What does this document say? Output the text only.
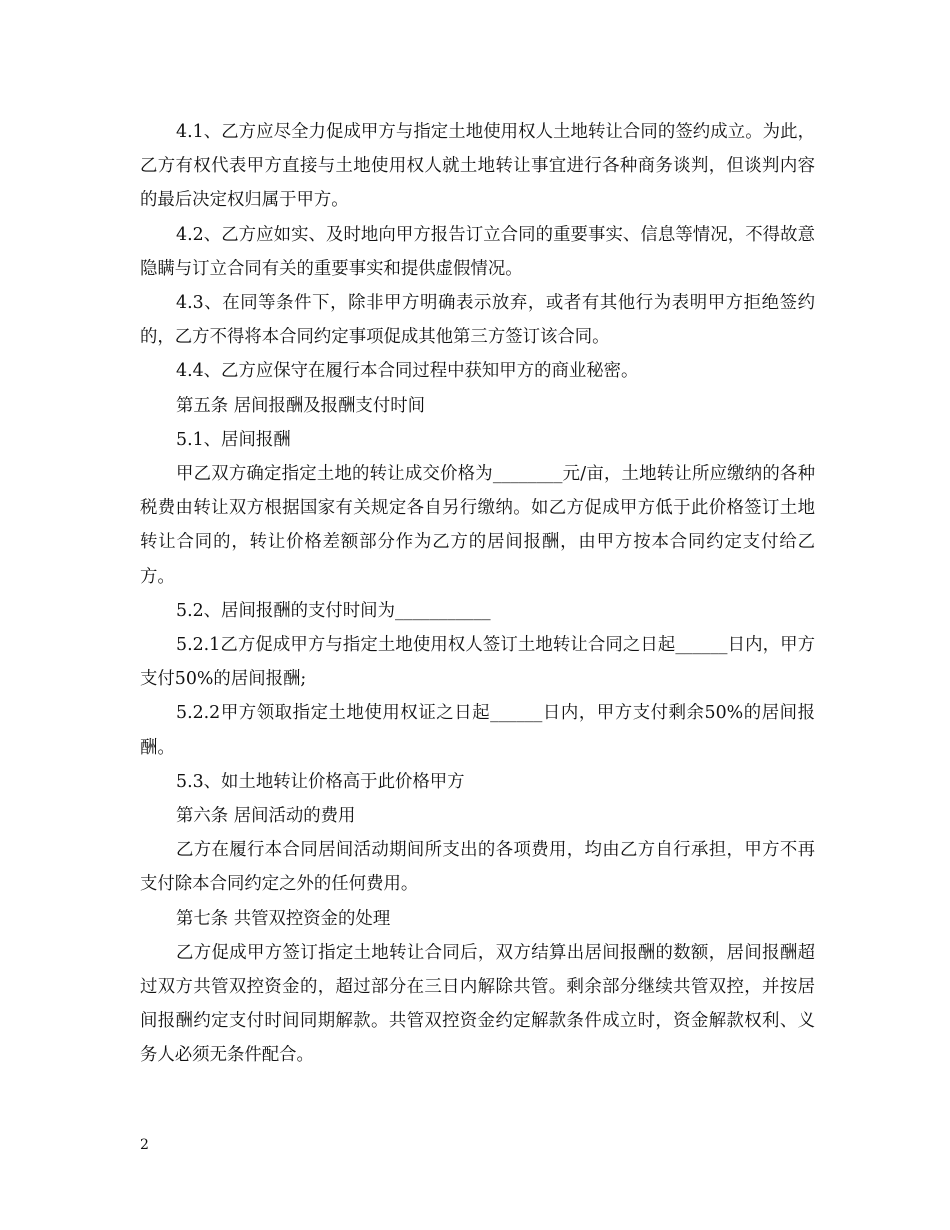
4.1、乙方应尽全力促成甲方与指定土地使用权人土地转让合同的签约成立。为此，乙方有权代表甲方直接与土地使用权人就土地转让事宜进行各种商务谈判，但谈判内容的最后决定权归属于甲方。

4.2、乙方应如实、及时地向甲方报告订立合同的重要事实、信息等情况，不得故意隐瞒与订立合同有关的重要事实和提供虚假情况。

4.3、在同等条件下，除非甲方明确表示放弃，或者有其他行为表明甲方拒绝签约的，乙方不得将本合同约定事项促成其他第三方签订该合同。

4.4、乙方应保守在履行本合同过程中获知甲方的商业秘密。

第五条 居间报酬及报酬支付时间

5.1、居间报酬

甲乙双方确定指定土地的转让成交价格为________元/亩，土地转让所应缴纳的各种税费由转让双方根据国家有关规定各自另行缴纳。如乙方促成甲方低于此价格签订土地转让合同的，转让价格差额部分作为乙方的居间报酬，由甲方按本合同约定支付给乙方。

5.2、居间报酬的支付时间为___________

5.2.1乙方促成甲方与指定土地使用权人签订土地转让合同之日起______日内，甲方支付50%的居间报酬;

5.2.2甲方领取指定土地使用权证之日起______日内，甲方支付剩余50%的居间报酬。

5.3、如土地转让价格高于此价格甲方

第六条 居间活动的费用

乙方在履行本合同居间活动期间所支出的各项费用，均由乙方自行承担，甲方不再支付除本合同约定之外的任何费用。

第七条 共管双控资金的处理

乙方促成甲方签订指定土地转让合同后，双方结算出居间报酬的数额，居间报酬超过双方共管双控资金的，超过部分在三日内解除共管。剩余部分继续共管双控，并按居间报酬约定支付时间同期解款。共管双控资金约定解款条件成立时，资金解款权利、义务人必须无条件配合。

2
